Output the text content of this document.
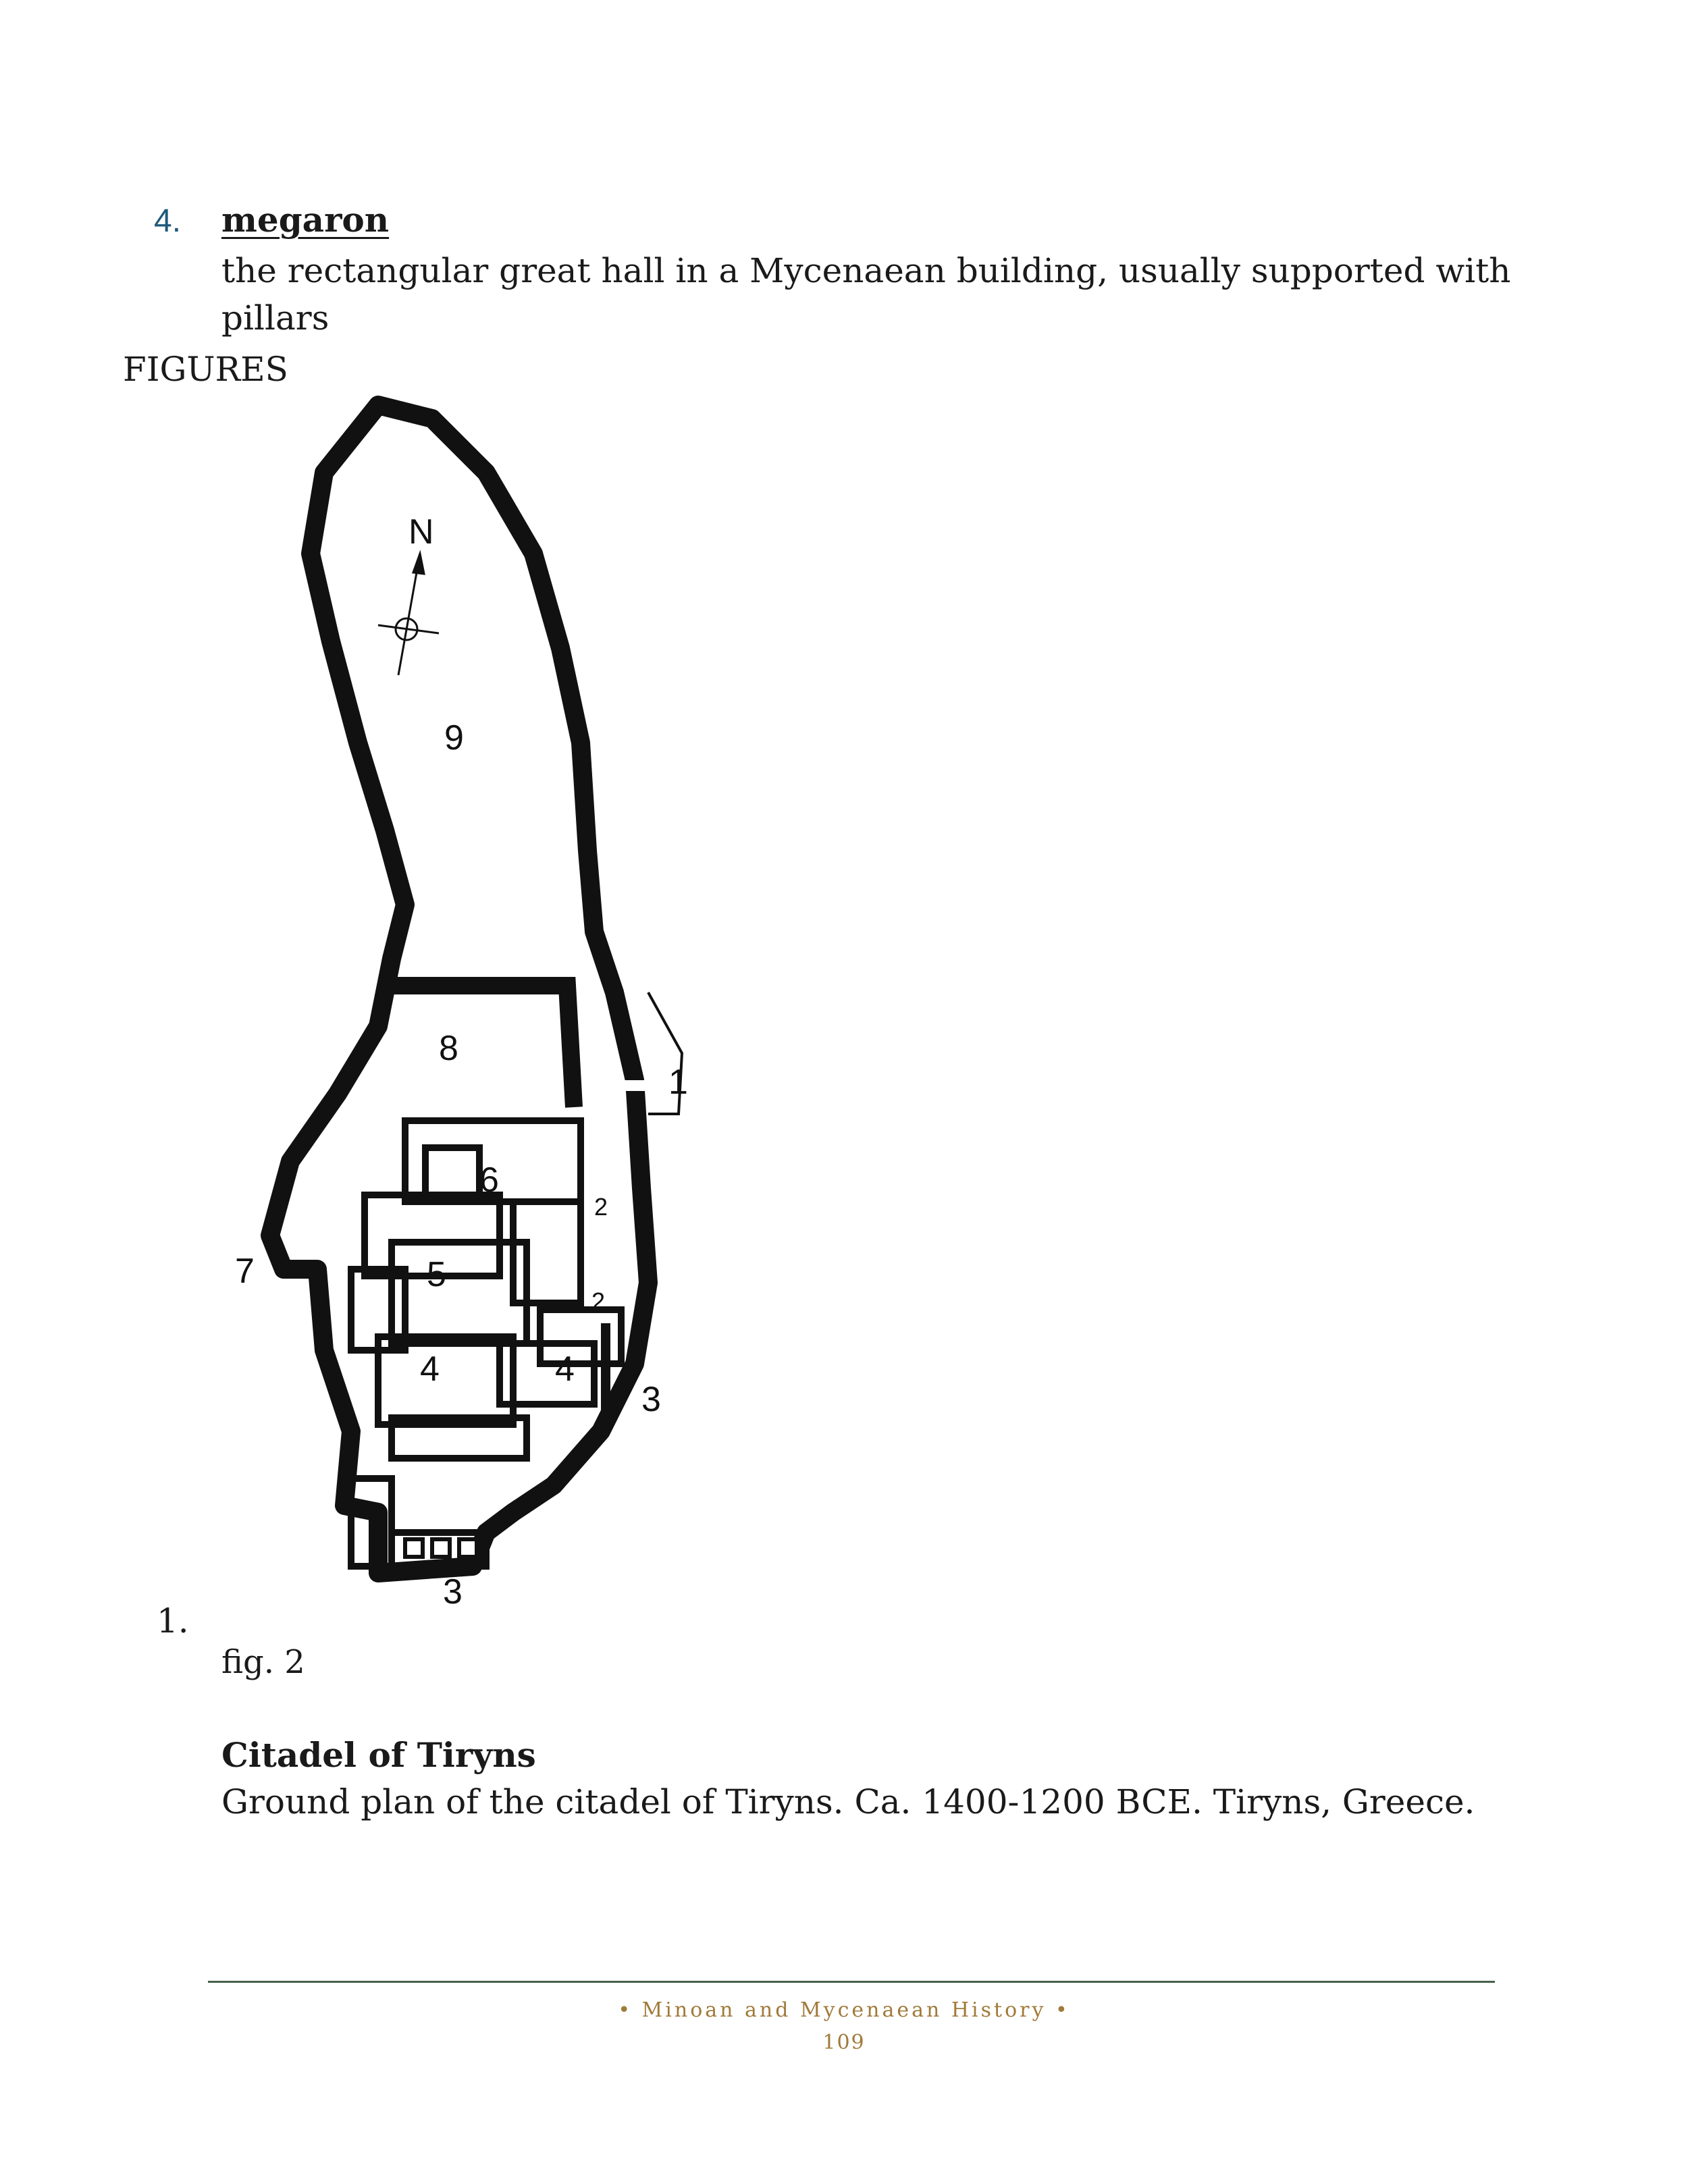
4. megaron
the rectangular great hall in a Mycenaean building, usually supported with pillars
FIGURES
N
9
8
1
6
2
7	5
2
4	4
3
3
1.
fig. 2
Citadel of Tiryns
Ground plan of the citadel of Tiryns. Ca. 1400-1200 BCE. Tiryns, Greece.
• Minoan and Mycenaean History •
109
